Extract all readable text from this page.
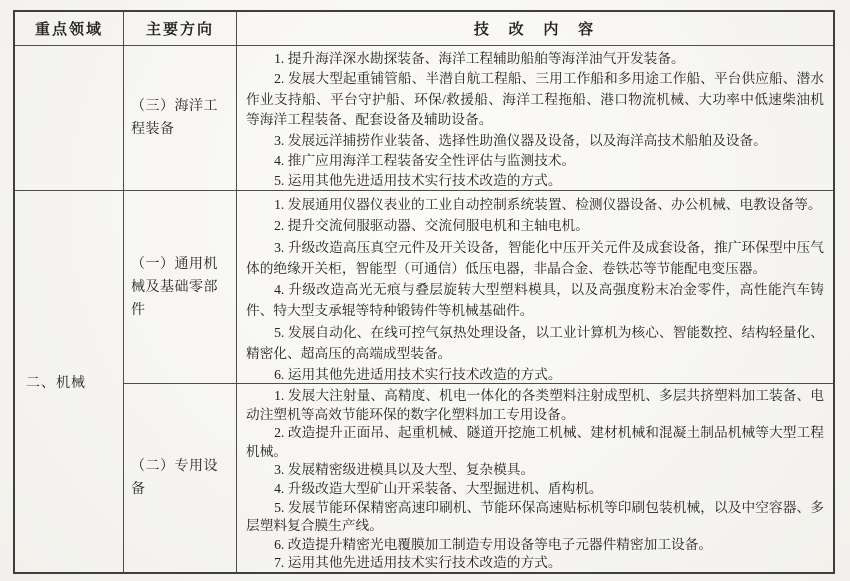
重点领域	主要方向	技 改 内 容
（三）海洋工程装备

1. 提升海洋深水勘探装备、海洋工程辅助船舶等海洋油气开发装备。

2. 发展大型起重铺管船、半潜自航工程船、三用工作船和多用途工作船、平台供应船、潜水作业支持船、平台守护船、环保/救援船、海洋工程拖船、港口物流机械、大功率中低速柴油机等海洋工程装备、配套设备及辅助设备。

3. 发展远洋捕捞作业装备、选择性助渔仪器及设备，以及海洋高技术船舶及设备。

4. 推广应用海洋工程装备安全性评估与监测技术。

5. 运用其他先进适用技术实行技术改造的方式。

二、机械
（一）通用机械及基础零部件

1. 发展通用仪器仪表业的工业自动控制系统装置、检测仪器设备、办公机械、电教设备等。

2. 提升交流伺服驱动器、交流伺服电机和主轴电机。

3. 升级改造高压真空元件及开关设备，智能化中压开关元件及成套设备，推广环保型中压气体的绝缘开关柜，智能型（可通信）低压电器，非晶合金、卷铁芯等节能配电变压器。

4. 升级改造高光无痕与叠层旋转大型塑料模具，以及高强度粉末冶金零件，高性能汽车铸件、特大型支承辊等特种锻铸件等机械基础件。

5. 发展自动化、在线可控气氛热处理设备，以工业计算机为核心、智能数控、结构轻量化、精密化、超高压的高端成型装备。

6. 运用其他先进适用技术实行技术改造的方式。

（二）专用设备

1. 发展大注射量、高精度、机电一体化的各类塑料注射成型机、多层共挤塑料加工装备、电动注塑机等高效节能环保的数字化塑料加工专用设备。

2. 改造提升正面吊、起重机械、隧道开挖施工机械、建材机械和混凝土制品机械等大型工程机械。

3. 发展精密级进模具以及大型、复杂模具。

4. 升级改造大型矿山开采装备、大型掘进机、盾构机。

5. 发展节能环保精密高速印刷机、节能环保高速贴标机等印刷包装机械，以及中空容器、多层塑料复合膜生产线。

6. 改造提升精密光电覆膜加工制造专用设备等电子元器件精密加工设备。

7. 运用其他先进适用技术实行技术改造的方式。
